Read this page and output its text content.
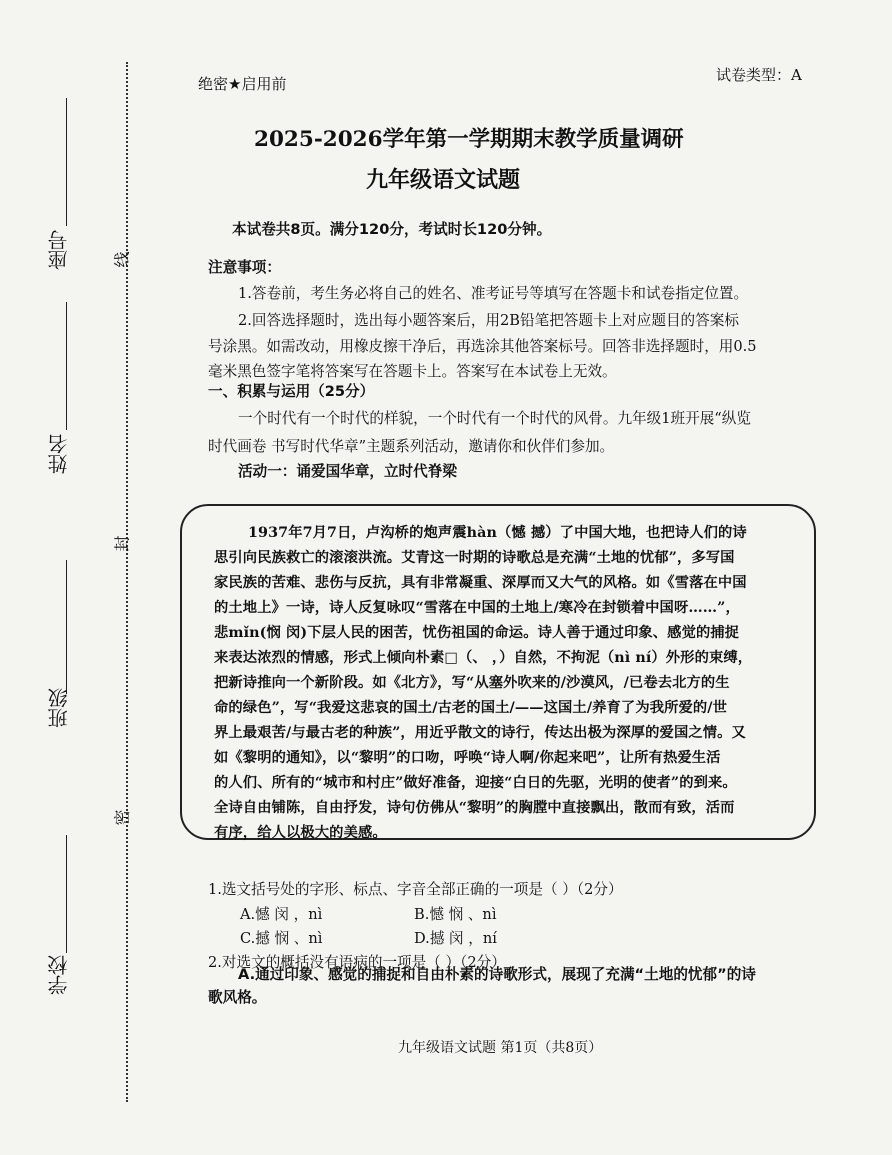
座号
姓名
班级
学校
线
封
密
绝密★启用前	试卷类型：A
2025-2026学年第一学期期末教学质量调研
九年级语文试题
本试卷共8页。满分120分，考试时长120分钟。
注意事项：
1.答卷前，考生务必将自己的姓名、准考证号等填写在答题卡和试卷指定位置。
2.回答选择题时，选出每小题答案后，用2B铅笔把答题卡上对应题目的答案标
号涂黑。如需改动，用橡皮擦干净后，再选涂其他答案标号。回答非选择题时，用0.5
毫米黑色签字笔将答案写在答题卡上。答案写在本试卷上无效。
一、积累与运用（25分）
一个时代有一个时代的样貌，一个时代有一个时代的风骨。九年级1班开展“纵览
时代画卷 书写时代华章”主题系列活动，邀请你和伙伴们参加。
活动一：诵爱国华章，立时代脊梁
1937年7月7日，卢沟桥的炮声震hàn（憾 撼）了中国大地，也把诗人们的诗
思引向民族救亡的滚滚洪流。艾青这一时期的诗歌总是充满“土地的忧郁”，多写国
家民族的苦难、悲伤与反抗，具有非常凝重、深厚而又大气的风格。如《雪落在中国
的土地上》一诗，诗人反复咏叹“雪落在中国的土地上/寒冷在封锁着中国呀……”，
悲mǐn(悯 闵)下层人民的困苦，忧伤祖国的命运。诗人善于通过印象、感觉的捕捉
来表达浓烈的情感，形式上倾向朴素□（、 ，）自然，不拘泥（nì ní）外形的束缚，
把新诗推向一个新阶段。如《北方》，写“从塞外吹来的/沙漠风，/已卷去北方的生
命的绿色”，写“我爱这悲哀的国土/古老的国土/——这国土/养育了为我所爱的/世
界上最艰苦/与最古老的种族”，用近乎散文的诗行，传达出极为深厚的爱国之情。又
如《黎明的通知》，以“黎明”的口吻，呼唤“诗人啊/你起来吧”，让所有热爱生活
的人们、所有的“城市和村庄”做好准备，迎接“白日的先驱，光明的使者”的到来。
全诗自由铺陈，自由抒发，诗句仿佛从“黎明”的胸膛中直接飘出，散而有致，活而
有序，给人以极大的美感。
1.选文括号处的字形、标点、字音全部正确的一项是（ ）（2分）
A.憾 闵 ，nì	B.憾 悯 、nì
C.撼 悯 、nì	D.撼 闵 ，ní
2.对选文的概括没有语病的一项是（ ）（2分）
A.通过印象、感觉的捕捉和自由朴素的诗歌形式，展现了充满“土地的忧郁”的诗
歌风格。
九年级语文试题 第1页（共8页）
